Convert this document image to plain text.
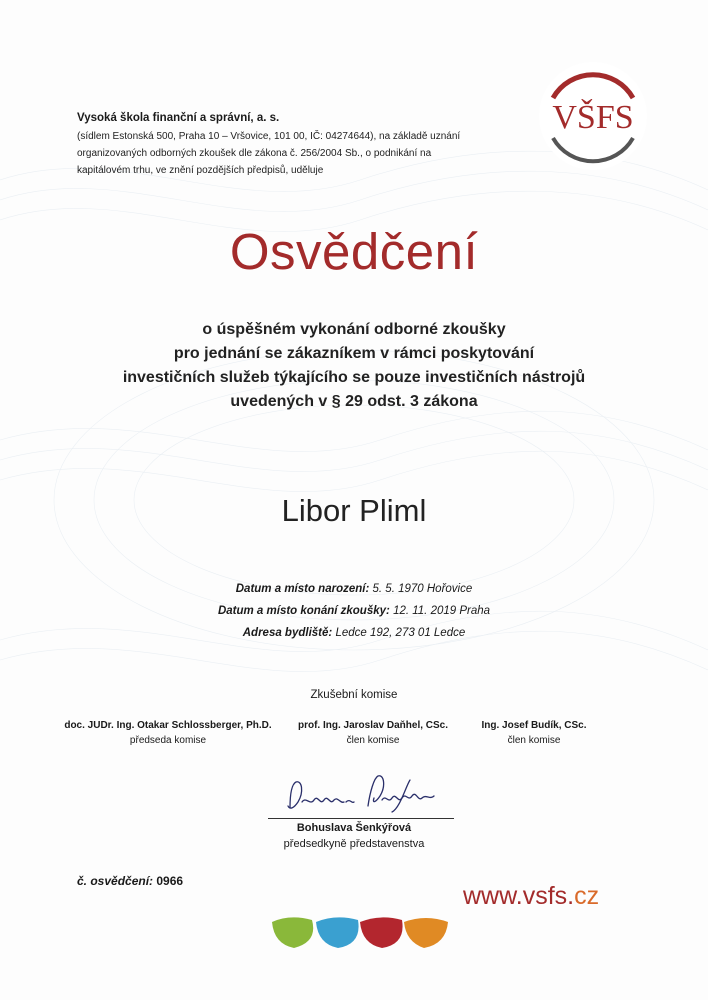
Vysoká škola finanční a správní, a. s.
(sídlem Estonská 500, Praha 10 – Vršovice, 101 00, IČ: 04274644), na základě uznání
organizovaných odborných zkoušek dle zákona č. 256/2004 Sb., o podnikání na
kapitálovém trhu, ve znění pozdějších předpisů, uděluje
VŠFS
Osvědčení
o úspěšném vykonání odborné zkoušky
pro jednání se zákazníkem v rámci poskytování
investičních služeb týkajícího se pouze investičních nástrojů
uvedených v § 29 odst. 3 zákona
Libor Pliml
Datum a místo narození: 5. 5. 1970 Hořovice
Datum a místo konání zkoušky: 12. 11. 2019 Praha
Adresa bydliště: Ledce 192, 273 01 Ledce
Zkušební komise
doc. JUDr. Ing. Otakar Schlossberger, Ph.D.
předseda komise
prof. Ing. Jaroslav Daňhel, CSc.
člen komise
Ing. Josef Budík, CSc.
člen komise
Bohuslava Šenkýřová
předsedkyně představenstva
č. osvědčení: 0966
www.vsfs.cz
